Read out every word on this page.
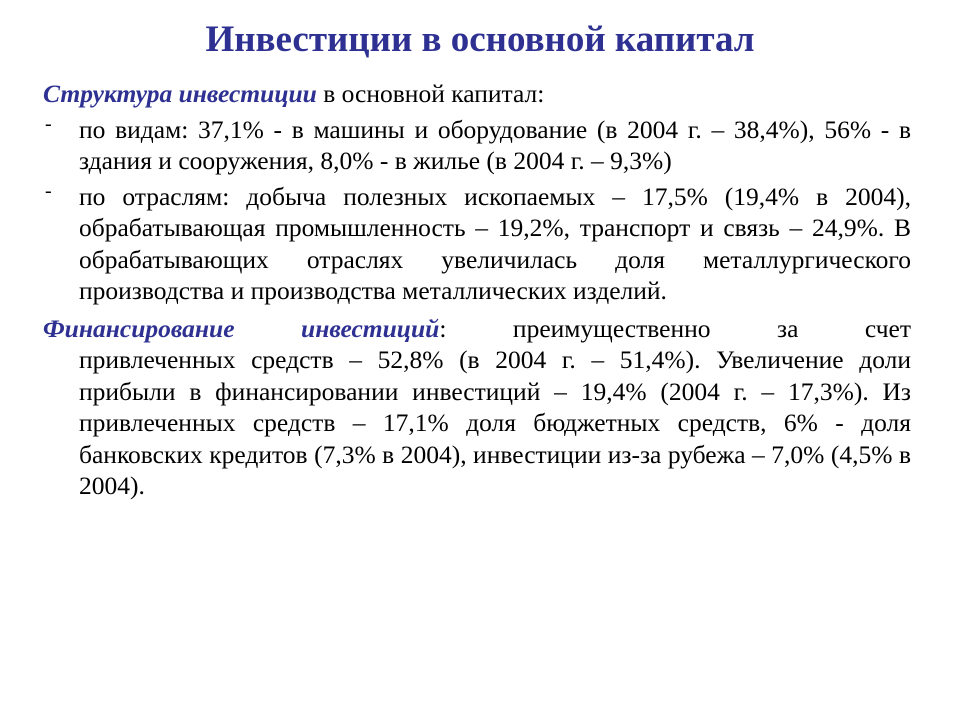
Инвестиции в основной капитал
Структура инвестиции в основной капитал:
- по видам: 37,1% - в машины и оборудование (в 2004 г. – 38,4%), 56% - в здания и сооружения, 8,0% - в жилье (в 2004 г. – 9,3%)
- по отраслям: добыча полезных ископаемых – 17,5% (19,4% в 2004), обрабатывающая промышленность – 19,2%, транспорт и связь – 24,9%. В обрабатывающих отраслях увеличилась доля металлургического производства и производства металлических изделий.
Финансирование инвестиций: преимущественно за счет
привлеченных средств – 52,8% (в 2004 г. – 51,4%). Увеличение доли прибыли в финансировании инвестиций – 19,4% (2004 г. – 17,3%). Из привлеченных средств – 17,1% доля бюджетных средств, 6% - доля банковских кредитов (7,3% в 2004), инвестиции из-за рубежа – 7,0% (4,5% в 2004).
